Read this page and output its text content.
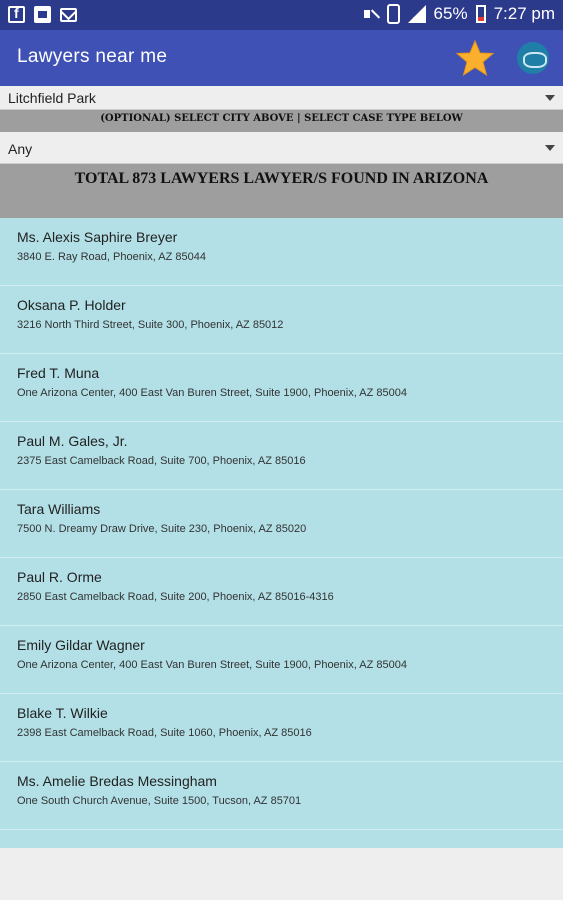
f
65% 7:27 pm
Lawyers near me
Litchfield Park
(OPTIONAL) SELECT CITY ABOVE | SELECT CASE TYPE BELOW
Any
TOTAL 873 LAWYERS LAWYER/S FOUND IN ARIZONA
Ms. Alexis Saphire Breyer
3840 E. Ray Road, Phoenix, AZ 85044
Oksana P. Holder
3216 North Third Street, Suite 300, Phoenix, AZ 85012
Fred T. Muna
One Arizona Center, 400 East Van Buren Street, Suite 1900, Phoenix, AZ 85004
Paul M. Gales, Jr.
2375 East Camelback Road, Suite 700, Phoenix, AZ 85016
Tara Williams
7500 N. Dreamy Draw Drive, Suite 230, Phoenix, AZ 85020
Paul R. Orme
2850 East Camelback Road, Suite 200, Phoenix, AZ 85016-4316
Emily Gildar Wagner
One Arizona Center, 400 East Van Buren Street, Suite 1900, Phoenix, AZ 85004
Blake T. Wilkie
2398 East Camelback Road, Suite 1060, Phoenix, AZ 85016
Ms. Amelie Bredas Messingham
One South Church Avenue, Suite 1500, Tucson, AZ 85701
